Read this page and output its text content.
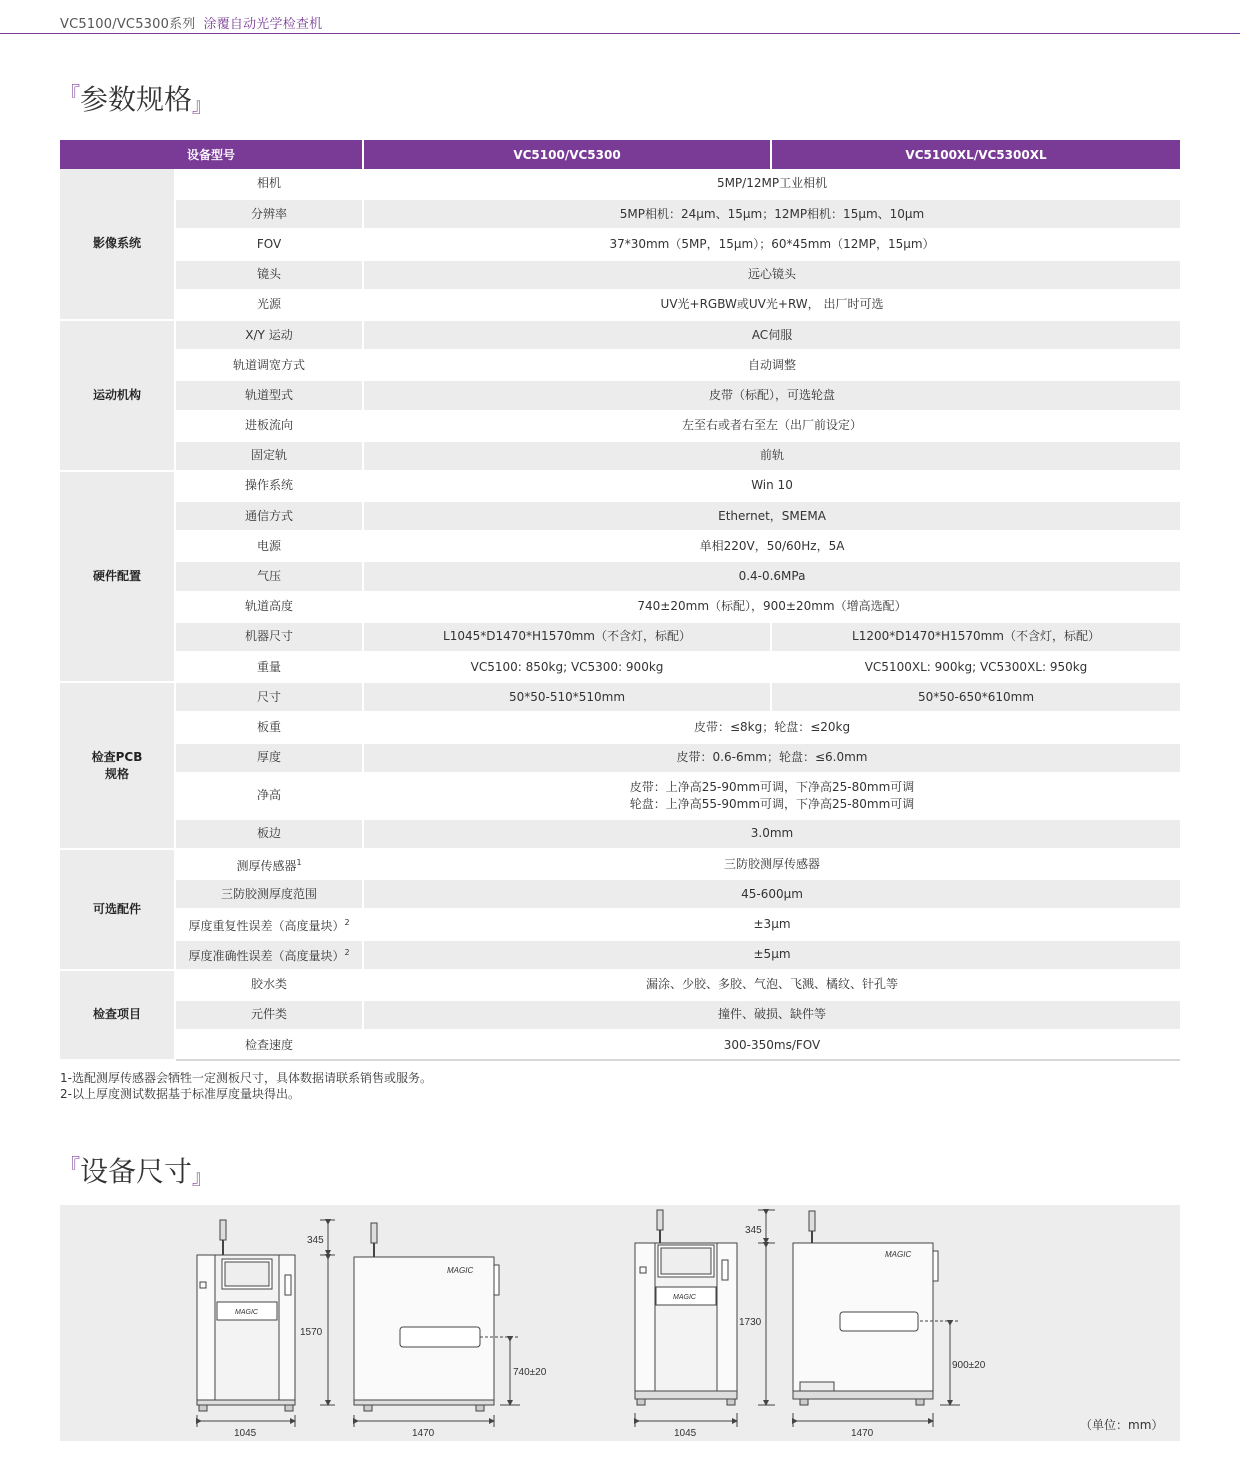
VC5100/VC5300系列 涂覆自动光学检查机
『参数规格』
设备型号		VC5100/VC5300	VC5100XL/VC5300XL
影像系统	相机	5MP/12MP工业相机	
	分辨率	5MP相机：24μm、15μm；12MP相机：15μm、10μm	
	FOV	37*30mm（5MP，15μm）；60*45mm（12MP，15μm）	
	镜头	远心镜头	
	光源	UV光+RGBW或UV光+RW， 出厂时可选	
运动机构	X/Y 运动	AC伺服	
	轨道调宽方式	自动调整	
	轨道型式	皮带（标配），可选轮盘	
	进板流向	左至右或者右至左（出厂前设定）	
	固定轨	前轨	
硬件配置	操作系统	Win 10	
	通信方式	Ethernet，SMEMA	
	电源	单相220V，50/60Hz，5A	
	气压	0.4-0.6MPa	
	轨道高度	740±20mm（标配），900±20mm（增高选配）	
	机器尺寸	L1045*D1470*H1570mm（不含灯，标配）	L1200*D1470*H1570mm（不含灯，标配）
	重量	VC5100: 850kg; VC5300: 900kg	VC5100XL: 900kg; VC5300XL: 950kg
检查PCB
规格	尺寸	50*50-510*510mm	50*50-650*610mm
	板重	皮带：≤8kg；轮盘：≤20kg	
	厚度	皮带：0.6-6mm；轮盘：≤6.0mm	
	净高	皮带：上净高25-90mm可调，下净高25-80mm可调
轮盘：上净高55-90mm可调，下净高25-80mm可调	
	板边	3.0mm	
可选配件	测厚传感器$^1$	三防胶测厚传感器	
	三防胶测厚度范围	45-600μm	
	厚度重复性误差（高度量块）$^2$	±3μm	
	厚度准确性误差（高度量块）$^2$	±5μm	
检查项目	胶水类	漏涂、少胶、多胶、气泡、飞溅、橘纹、针孔等	
	元件类	撞件、破损、缺件等	
	检查速度	300-350ms/FOV	
1-选配测厚传感器会牺牲一定测板尺寸，具体数据请联系销售或服务。
2-以上厚度测试数据基于标准厚度量块得出。
『设备尺寸』
MAGIC
1045
345
1570
MAGIC
1470
740±20
MAGIC
1045
345
1730
MAGIC
1470
900±20
（单位：mm）
